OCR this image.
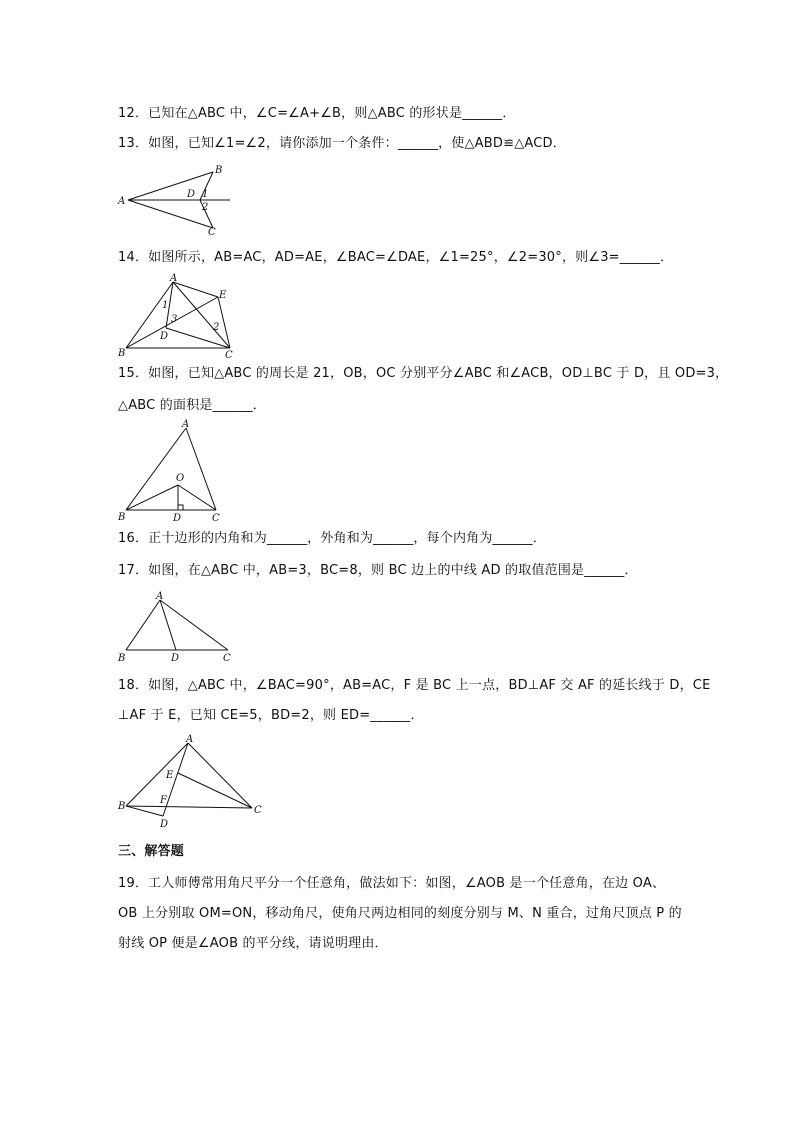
12．已知在△ABC 中，∠C=∠A+∠B，则△ABC 的形状是______．
13．如图，已知∠1=∠2，请你添加一个条件：______，使△ABD≌△ACD．
A
B
C
D 1
2
14．如图所示，AB=AC，AD=AE，∠BAC=∠DAE，∠1=25°，∠2=30°，则∠3=______．
A
B	C
D
E
1
2
3
15．如图，已知△ABC 的周长是 21，OB，OC 分别平分∠ABC 和∠ACB，OD⊥BC 于 D，且 OD=3，
△ABC 的面积是______．
A
B	C
D
O
16．正十边形的内角和为______，外角和为______，每个内角为______．
17．如图，在△ABC 中，AB=3，BC=8，则 BC 边上的中线 AD 的取值范围是______．
A
B	C
D
18．如图，△ABC 中，∠BAC=90°，AB=AC，F 是 BC 上一点，BD⊥AF 交 AF 的延长线于 D，CE
⊥AF 于 E，已知 CE=5，BD=2，则 ED=______．
A
B	C
D
E
F
三、解答题
19．工人师傅常用角尺平分一个任意角，做法如下：如图，∠AOB 是一个任意角，在边 OA、
OB 上分别取 OM=ON，移动角尺，使角尺两边相同的刻度分别与 M、N 重合，过角尺顶点 P 的
射线 OP 便是∠AOB 的平分线，请说明理由．
